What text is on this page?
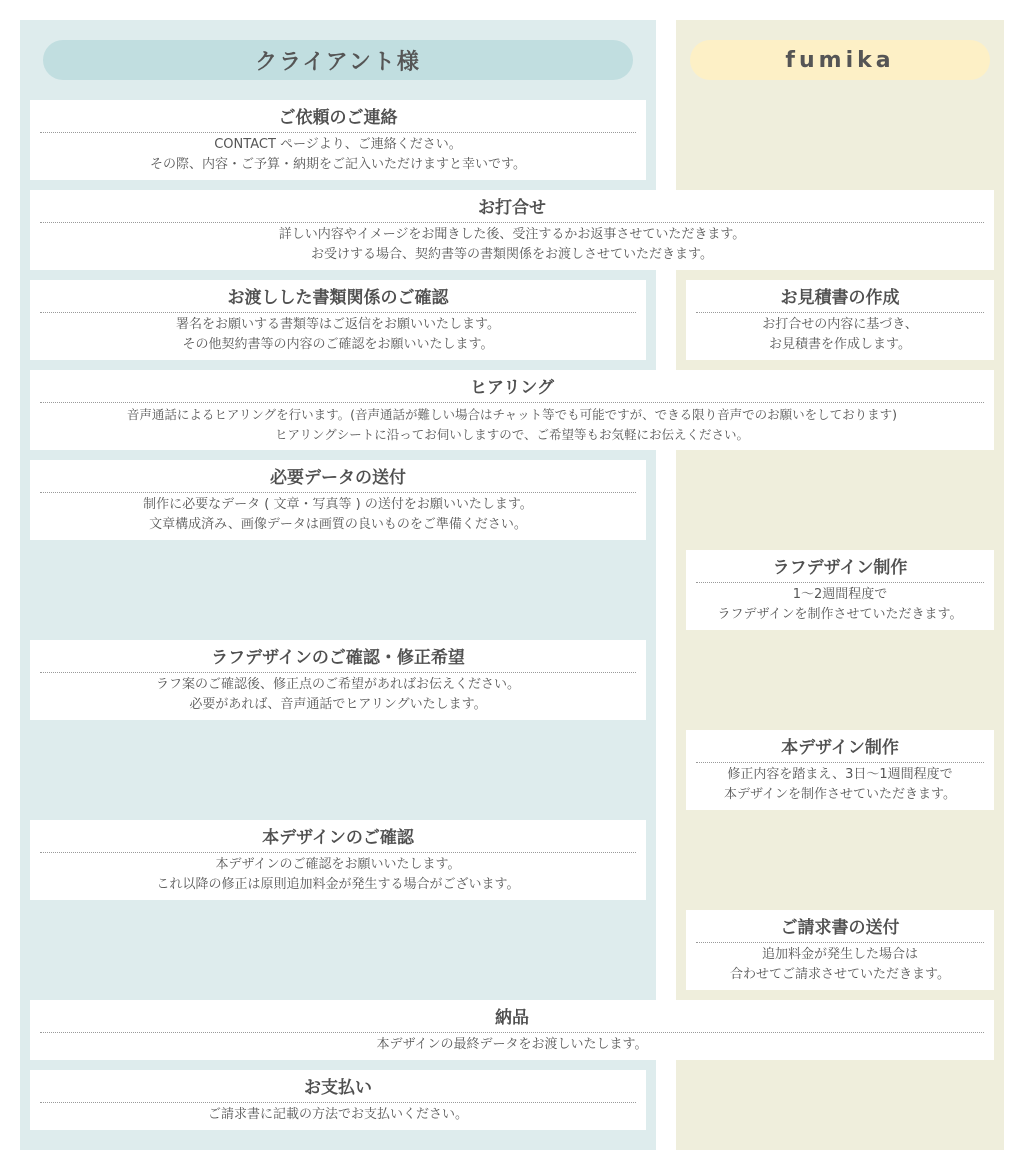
クライアント様	fumika
ご依頼のご連絡
CONTACT ページより、ご連絡ください。
その際、内容・ご予算・納期をご記入いただけますと幸いです。
お打合せ
詳しい内容やイメージをお聞きした後、受注するかお返事させていただきます。
お受けする場合、契約書等の書類関係をお渡しさせていただきます。
お渡しした書類関係のご確認
署名をお願いする書類等はご返信をお願いいたします。
その他契約書等の内容のご確認をお願いいたします。
お見積書の作成
お打合せの内容に基づき、
お見積書を作成します。
ヒアリング
音声通話によるヒアリングを行います。(音声通話が難しい場合はチャット等でも可能ですが、できる限り音声でのお願いをしております)
ヒアリングシートに沿ってお伺いしますので、ご希望等もお気軽にお伝えください。
必要データの送付
制作に必要なデータ ( 文章・写真等 ) の送付をお願いいたします。
文章構成済み、画像データは画質の良いものをご準備ください。
ラフデザイン制作
1〜2週間程度で
ラフデザインを制作させていただきます。
ラフデザインのご確認・修正希望
ラフ案のご確認後、修正点のご希望があればお伝えください。
必要があれば、音声通話でヒアリングいたします。
本デザイン制作
修正内容を踏まえ、3日〜1週間程度で
本デザインを制作させていただきます。
本デザインのご確認
本デザインのご確認をお願いいたします。
これ以降の修正は原則追加料金が発生する場合がございます。
ご請求書の送付
追加料金が発生した場合は
合わせてご請求させていただきます。
納品
本デザインの最終データをお渡しいたします。
お支払い
ご請求書に記載の方法でお支払いください。
